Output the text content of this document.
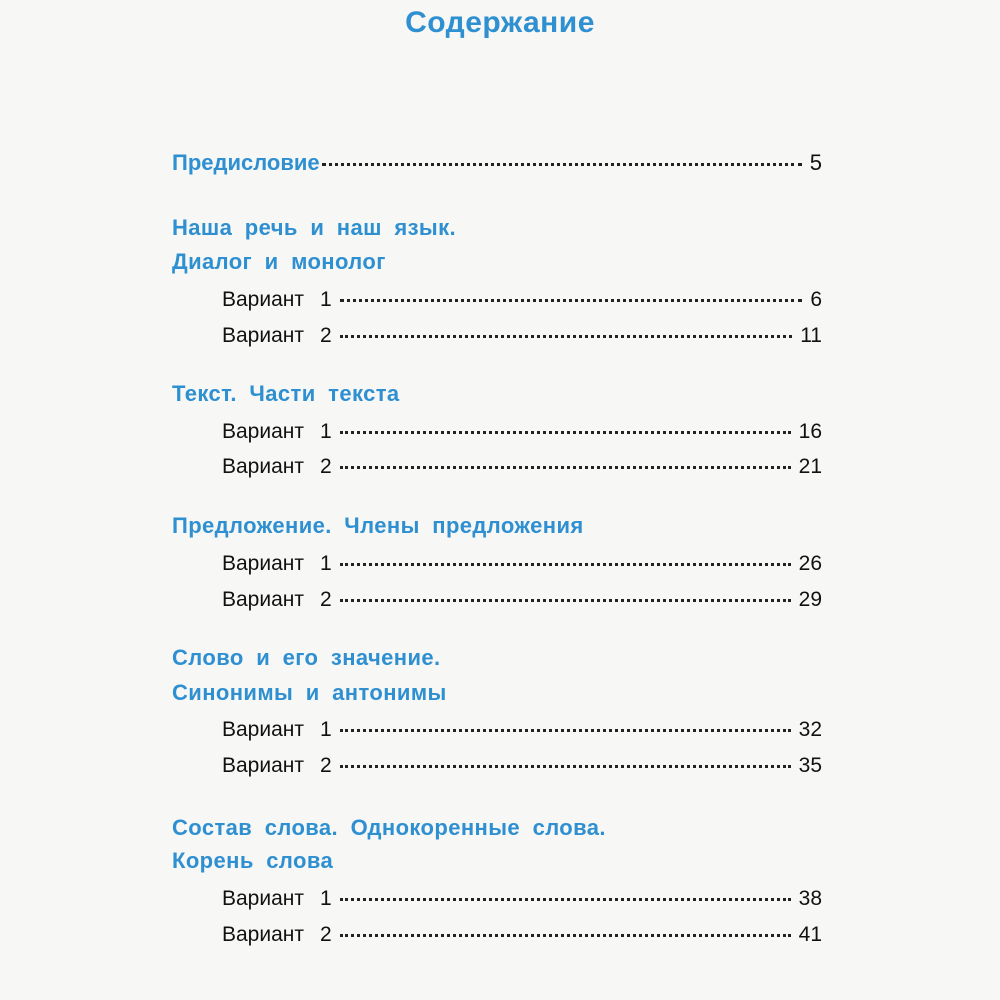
Содержание
Предисловие	5
Наша речь и наш язык.
Диалог и монолог
Вариант 1	6
Вариант 2	11
Текст. Части текста
Вариант 1	16
Вариант 2	21
Предложение. Члены предложения
Вариант 1	26
Вариант 2	29
Слово и его значение.
Синонимы и антонимы
Вариант 1	32
Вариант 2	35
Состав слова. Однокоренные слова.
Корень слова
Вариант 1	38
Вариант 2	41
